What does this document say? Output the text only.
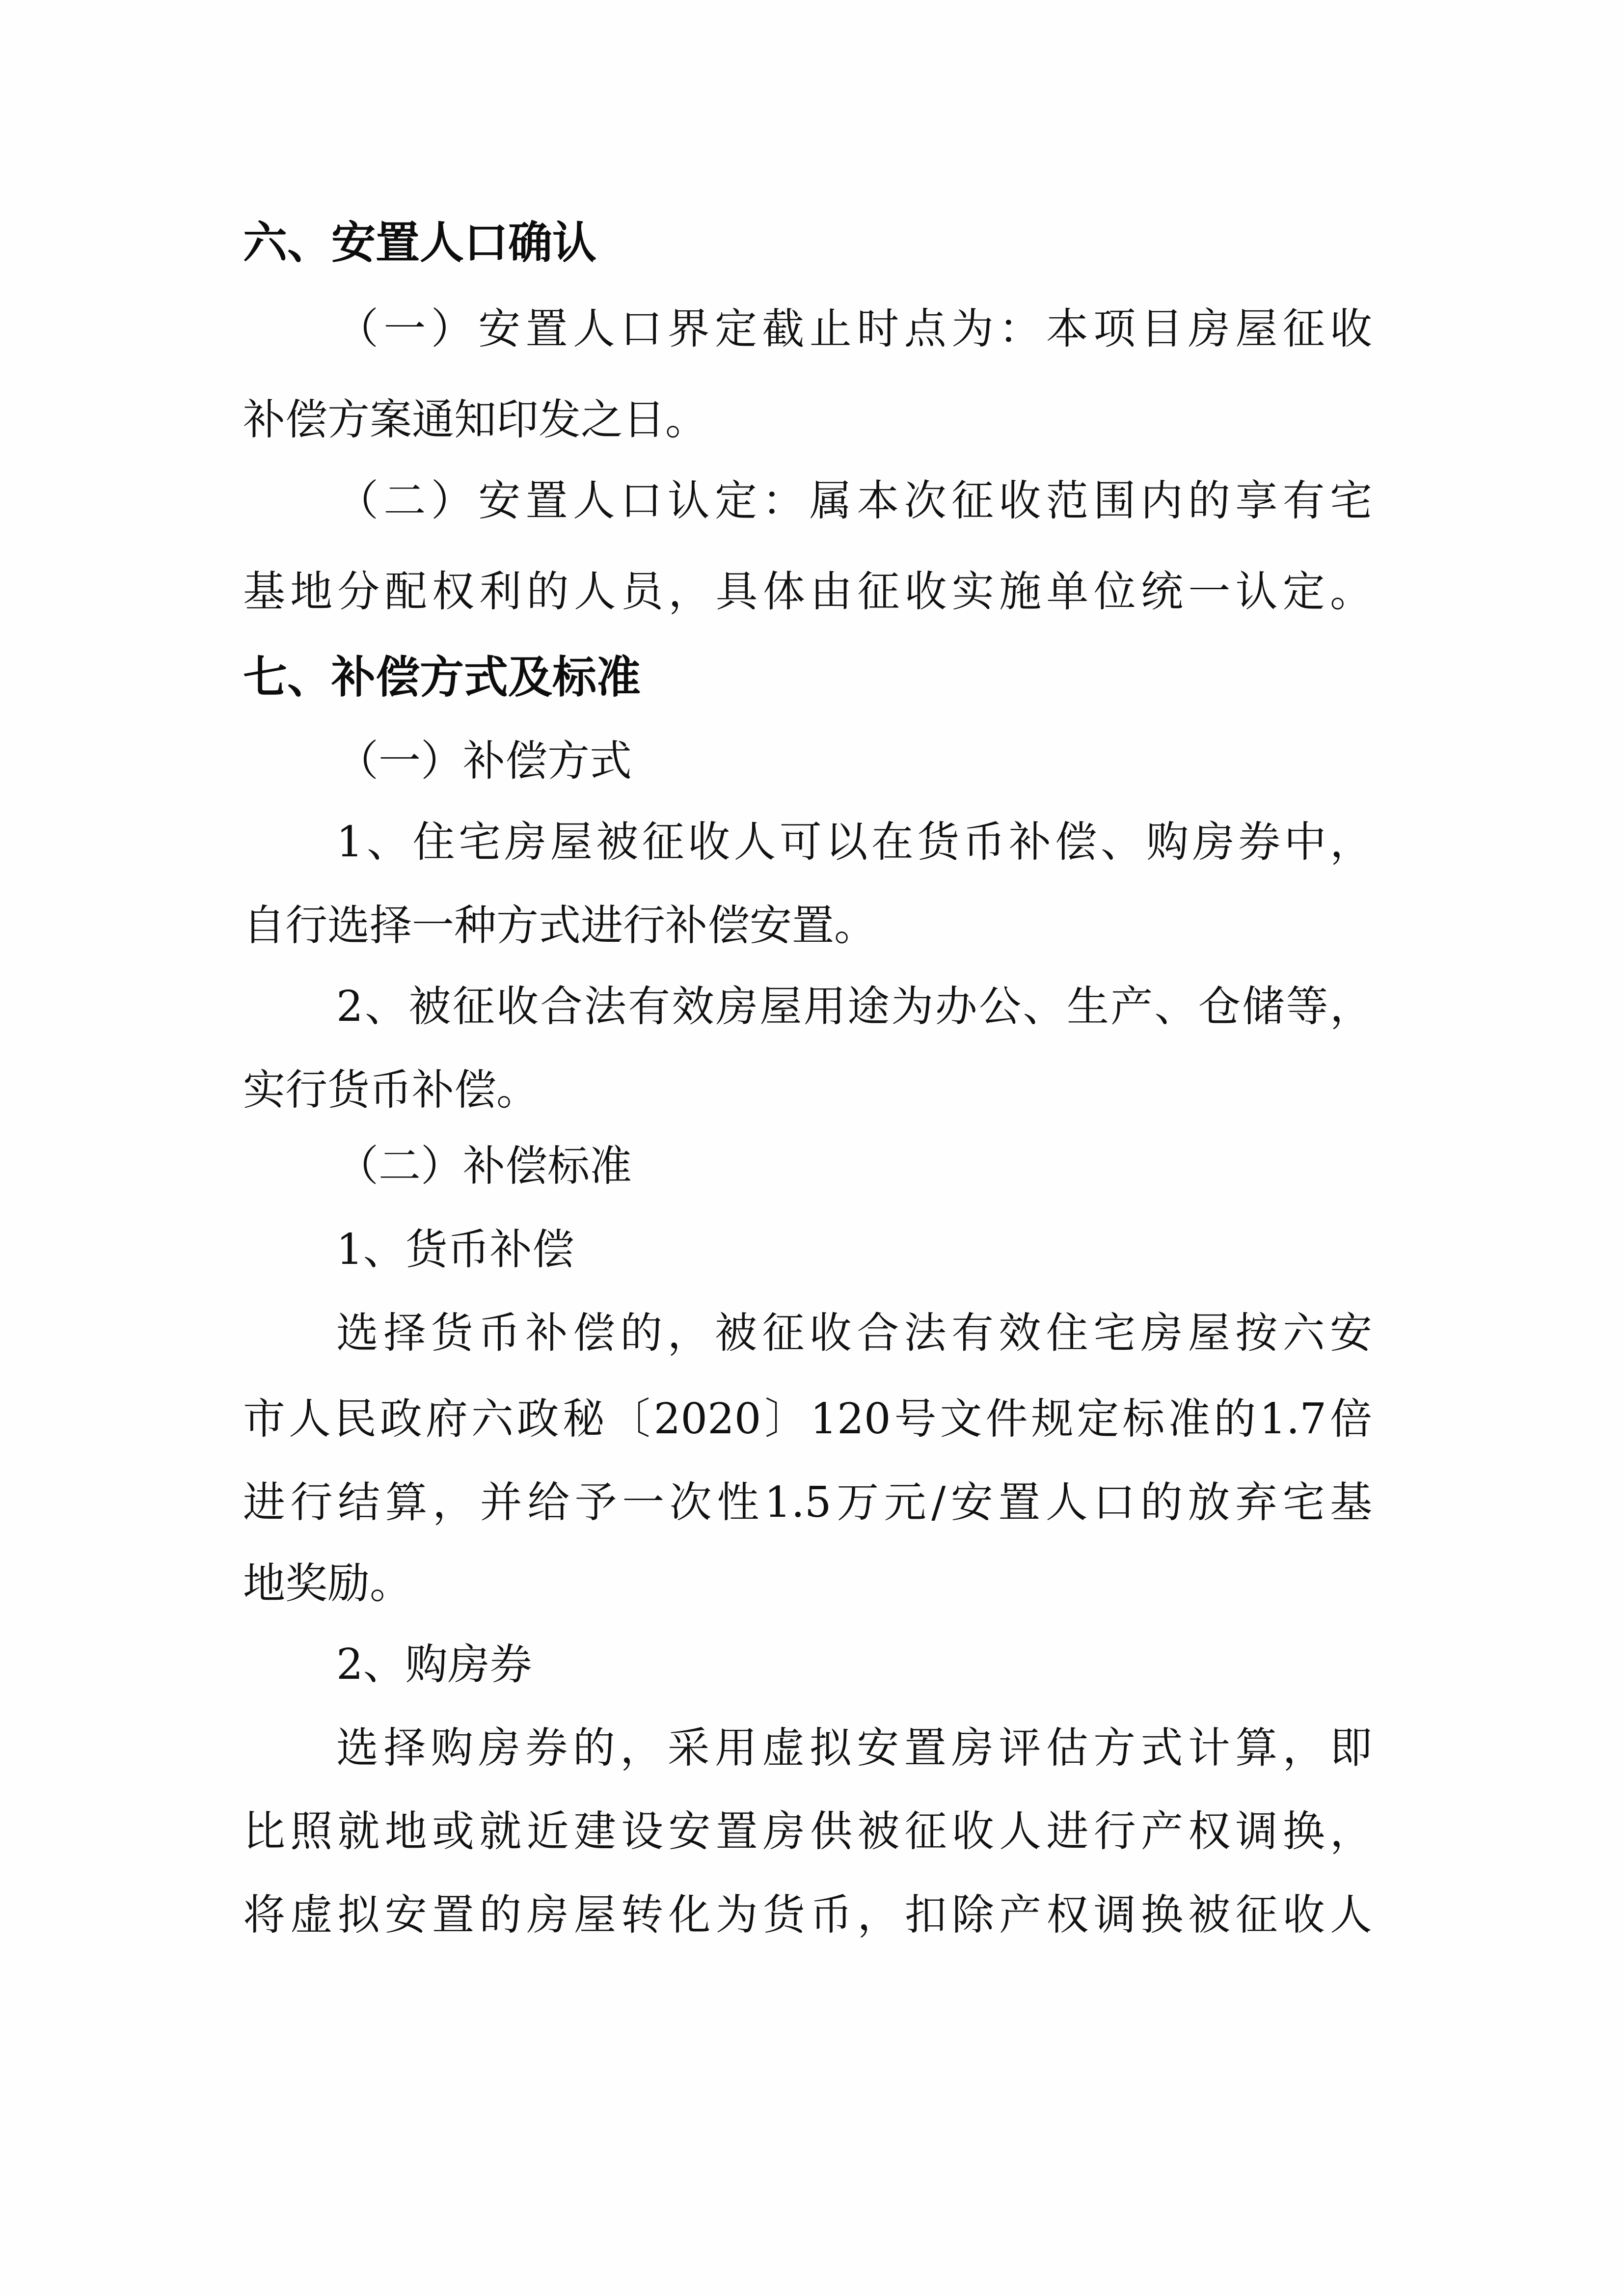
六、安置人口确认
（一）安置人口界定截止时点为：本项目房屋征收
补偿方案通知印发之日。
（二）安置人口认定：属本次征收范围内的享有宅
基地分配权利的人员，具体由征收实施单位统一认定。
七、补偿方式及标准
（一）补偿方式
1、住宅房屋被征收人可以在货币补偿、购房券中，
自行选择一种方式进行补偿安置。
2、被征收合法有效房屋用途为办公、生产、仓储等，
实行货币补偿。
（二）补偿标准
1、货币补偿
选择货币补偿的，被征收合法有效住宅房屋按六安
市人民政府六政秘〔2020〕120号文件规定标准的1.7倍
进行结算，并给予一次性1.5万元/安置人口的放弃宅基
地奖励。
2、购房券
选择购房券的，采用虚拟安置房评估方式计算，即
比照就地或就近建设安置房供被征收人进行产权调换，
将虚拟安置的房屋转化为货币，扣除产权调换被征收人
